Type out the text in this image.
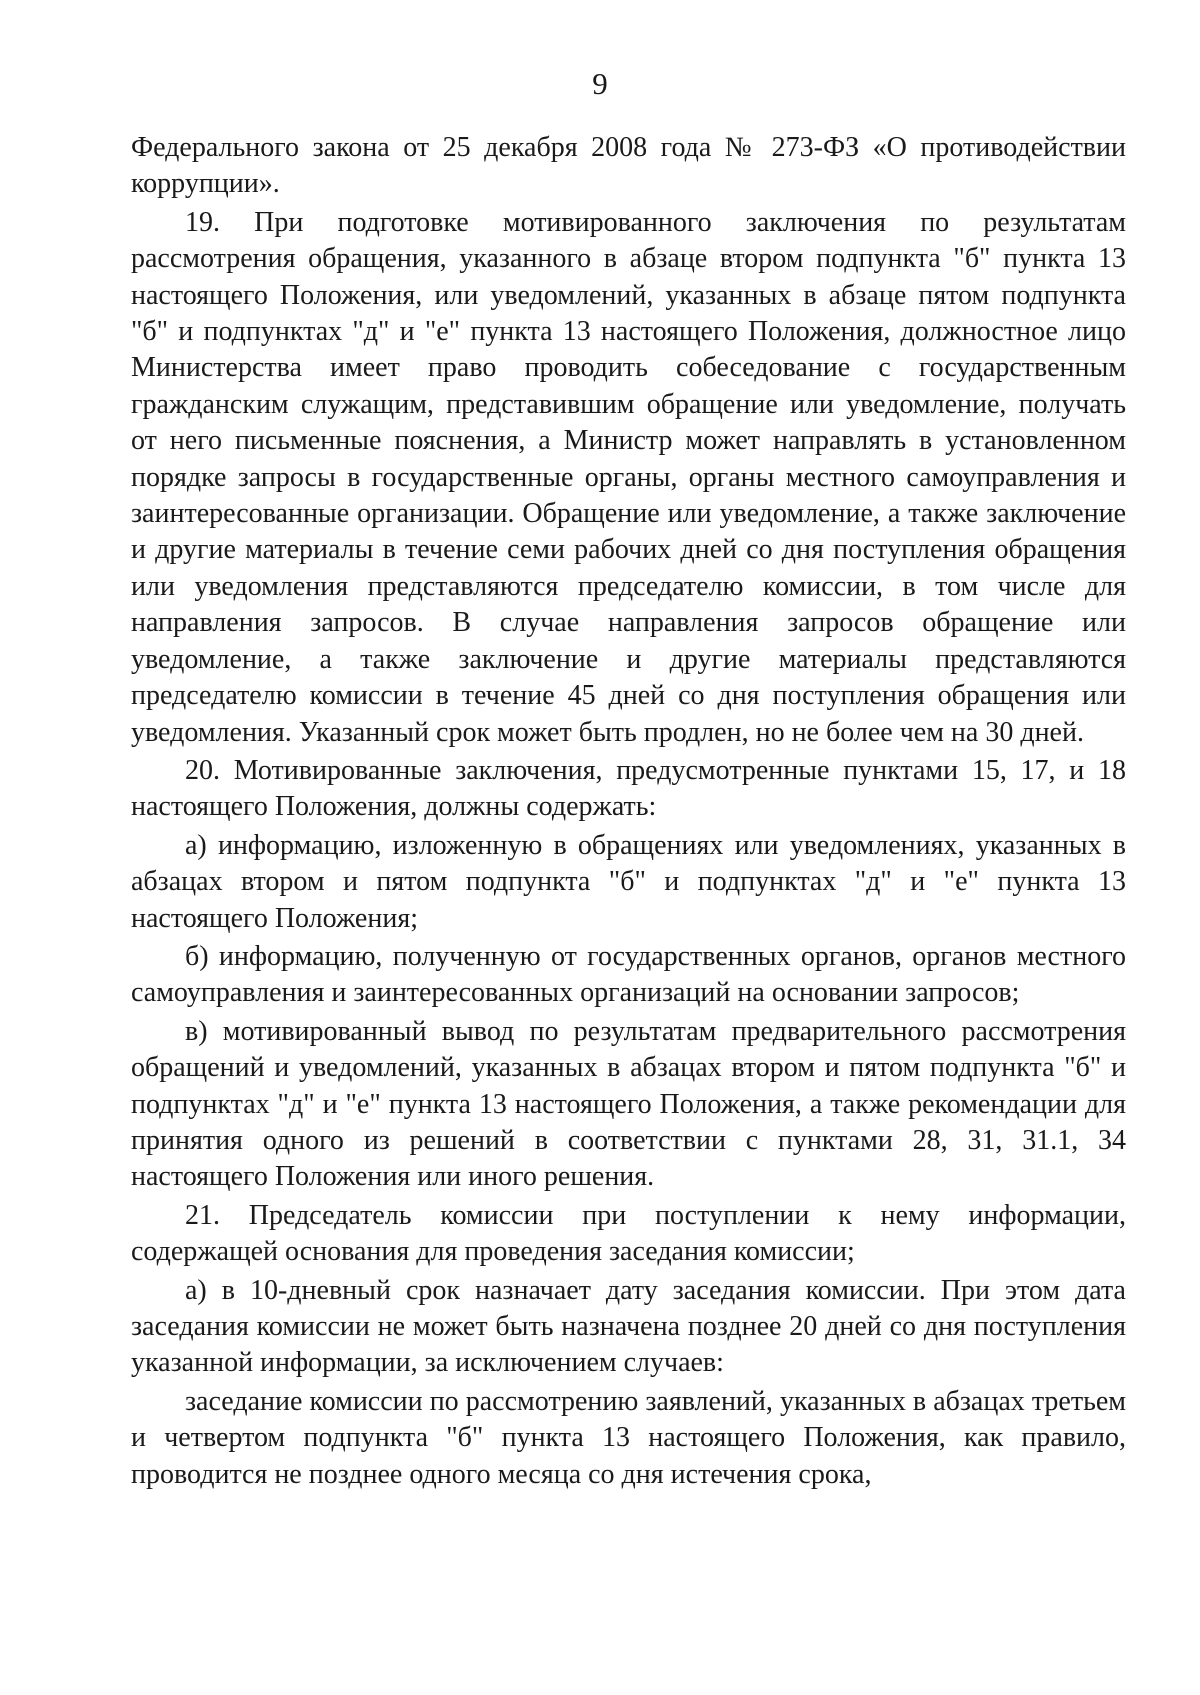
9

Федерального закона от 25 декабря 2008 года № 273-ФЗ «О противодействии коррупции».

19. При подготовке мотивированного заключения по результатам рассмотрения обращения, указанного в абзаце втором подпункта "б" пункта 13 настоящего Положения, или уведомлений, указанных в абзаце пятом подпункта "б" и подпунктах "д" и "е" пункта 13 настоящего Положения, должностное лицо Министерства имеет право проводить собеседование с государственным гражданским служащим, представившим обращение или уведомление, получать от него письменные пояснения, а Министр может направлять в установленном порядке запросы в государственные органы, органы местного самоуправления и заинтересованные организации. Обращение или уведомление, а также заключение и другие материалы в течение семи рабочих дней со дня поступления обращения или уведомления представляются председателю комиссии, в том числе для направления запросов. В случае направления запросов обращение или уведомление, а также заключение и другие материалы представляются председателю комиссии в течение 45 дней со дня поступления обращения или уведомления. Указанный срок может быть продлен, но не более чем на 30 дней.

20. Мотивированные заключения, предусмотренные пунктами 15, 17, и 18 настоящего Положения, должны содержать:

а) информацию, изложенную в обращениях или уведомлениях, указанных в абзацах втором и пятом подпункта "б" и подпунктах "д" и "е" пункта 13 настоящего Положения;

б) информацию, полученную от государственных органов, органов местного самоуправления и заинтересованных организаций на основании запросов;

в) мотивированный вывод по результатам предварительного рассмотрения обращений и уведомлений, указанных в абзацах втором и пятом подпункта "б" и подпунктах "д" и "е" пункта 13 настоящего Положения, а также рекомендации для принятия одного из решений в соответствии с пунктами 28, 31, 31.1, 34 настоящего Положения или иного решения.

21. Председатель комиссии при поступлении к нему информации, содержащей основания для проведения заседания комиссии;

а) в 10-дневный срок назначает дату заседания комиссии. При этом дата заседания комиссии не может быть назначена позднее 20 дней со дня поступления указанной информации, за исключением случаев:

заседание комиссии по рассмотрению заявлений, указанных в абзацах третьем и четвертом подпункта "б" пункта 13 настоящего Положения, как правило, проводится не позднее одного месяца со дня истечения срока,
